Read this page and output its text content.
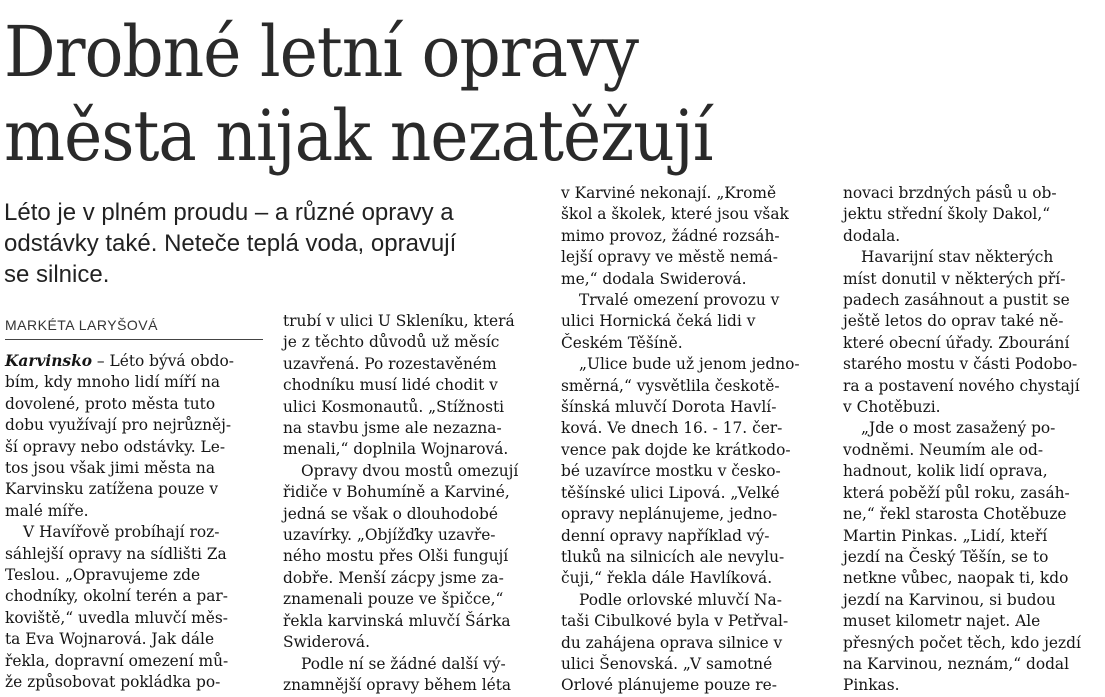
Drobné letní opravy
města nijak nezatěžují

Léto je v plném proudu – a různé opravy a
odstávky také. Neteče teplá voda, opravují
se silnice.

MARKÉTA LARYŠOVÁ
Karvinsko – Léto bývá obdo-
bím, kdy mnoho lidí míří na
dovolené, proto města tuto
dobu využívají pro nejrůzněj-
ší opravy nebo odstávky. Le-
tos jsou však jimi města na
Karvinsku zatížena pouze v
malé míře.
V Havířově probíhají roz-
sáhlejší opravy na sídlišti Za
Teslou. „Opravujeme zde
chodníky, okolní terén a par-
koviště,“ uvedla mluvčí měs-
ta Eva Wojnarová. Jak dále
řekla, dopravní omezení mů-
že způsobovat pokládka po-
trubí v ulici U Skleníku, která
je z těchto důvodů už měsíc
uzavřená. Po rozestavěném
chodníku musí lidé chodit v
ulici Kosmonautů. „Stížnosti
na stavbu jsme ale nezazna-
menali,“ doplnila Wojnarová.
Opravy dvou mostů omezují
řidiče v Bohumíně a Karviné,
jedná se však o dlouhodobé
uzavírky. „Objížďky uzavře-
ného mostu přes Olši fungují
dobře. Menší zácpy jsme za-
znamenali pouze ve špičce,“
řekla karvinská mluvčí Šárka
Swiderová.
Podle ní se žádné další vý-
znamnější opravy během léta
v Karviné nekonají. „Kromě
škol a školek, které jsou však
mimo provoz, žádné rozsáh-
lejší opravy ve městě nemá-
me,“ dodala Swiderová.
Trvalé omezení provozu v
ulici Hornická čeká lidi v
Českém Těšíně.
„Ulice bude už jenom jedno-
směrná,“ vysvětlila českotě-
šínská mluvčí Dorota Havlí-
ková. Ve dnech 16. - 17. čer-
vence pak dojde ke krátkodo-
bé uzavírce mostku v česko-
těšínské ulici Lipová. „Velké
opravy neplánujeme, jedno-
denní opravy například vý-
tluků na silnicích ale nevylu-
čuji,“ řekla dále Havlíková.
Podle orlovské mluvčí Na-
taši Cibulkové byla v Petřval-
du zahájena oprava silnice v
ulici Šenovská. „V samotné
Orlové plánujeme pouze re-
novaci brzdných pásů u ob-
jektu střední školy Dakol,“
dodala.
Havarijní stav některých
míst donutil v některých pří-
padech zasáhnout a pustit se
ještě letos do oprav také ně-
které obecní úřady. Zbourání
starého mostu v části Podobo-
ra a postavení nového chystají
v Chotěbuzi.
„Jde o most zasažený po-
vodněmi. Neumím ale od-
hadnout, kolik lidí oprava,
která poběží půl roku, zasáh-
ne,“ řekl starosta Chotěbuze
Martin Pinkas. „Lidí, kteří
jezdí na Český Těšín, se to
netkne vůbec, naopak ti, kdo
jezdí na Karvinou, si budou
muset kilometr najet. Ale
přesných počet těch, kdo jezdí
na Karvinou, neznám,“ dodal
Pinkas.
